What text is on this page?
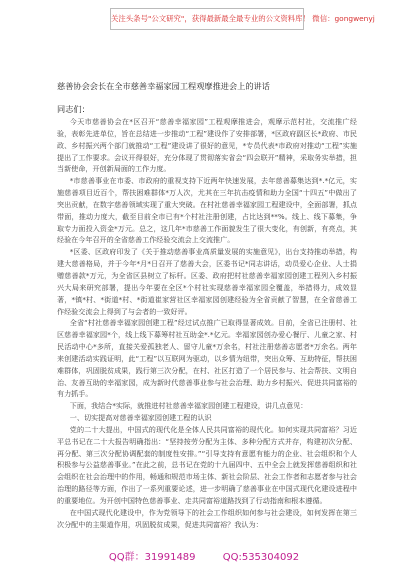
关注头条号"公文研究"，获得最新最全最专业的公文资料库！ 微信：gongwenyj
慈善协会会长在全市慈善幸福家园工程观摩推进会上的讲话
同志们：

今天市慈善协会在*区召开“慈善幸福家园”工程观摩推进会，观摩示范村社，交流推广经验，表彰先进单位，旨在总结进一步推动“工程”建设作了安排部署，*区政府副区长*政府、市民政、乡村振兴两个部门就推动“工程”建设讲了很好的意见，*专员代表*市政府对推动“工程”实施提出了工作要求。会议开得很好，充分体现了贯彻落实省会“四会联开”精神，采取务实举措，担当新使命，开创新局面的工作力度。

*市慈善事业在市委、市政府的重视支持下近两年快速发展，去年慈善募集达到*.*亿元，实施慈善项目近百个，帮扶困难群体*万人次，尤其在三年抗击疫情和助力全国“十四五”中做出了突出贡献，在数字慈善领域实现了重大突破。在村社慈善幸福家园工程建设中，全面部署，抓点带面，推动力度大，截至目前全市已有*个村社注册创建，占比达到**%。线上、线下募集，争取专力面投入资金*万元。总之，这几年*市慈善工作面貌发生了很大变化，有创新，有亮点，其经验在今年召开的全省慈善工作经验交流会上交流推广。

*区委、区政府印发了《关于推动慈善事业高质量发展的实施意见》，出台支持推动举措，构建大慈善格局，并于今年*月*日召开了慈善大会，区委书记*同志讲话，动员爱心企业、人士捐赠慈善款*万元，为全省区县树立了标杆。区委、政府把村社慈善幸福家园创建工程列入乡村振兴大局来研究部署，提出今年要在全区*个村社实现慈善幸福家园全覆盖，举措得力，成效显著，*镇*村、*街道*村、*街道崔家营社区幸福家园创建经验为全省贡献了智慧，在全省慈善工作经验交流会上得到了与会者的一致好评。

全省“村社慈善幸福家园创建工程”经过试点推广已取得显著成效。目前，全省已注册村、社区慈善幸福家园*个，线上线下募筹村社互助金*.*亿元。幸福家园创办爱心餐厅、儿童之家、村民活动中心*多所，直接关爱孤独老人、留守儿童*万余名，村社注册慈善志愿者*万余名。两年来创建活动实践证明，此“工程”以互联网为驱动，以乡情为纽带，突出众筹、互助特征，帮扶困难群体，巩固脱贫成果，践行第三次分配，在村、社区打造了一个居民参与、社会帮扶、文明自治、友善互助的幸福家园，成为新时代慈善事业参与社会治理、助力乡村振兴、促进共同富裕的有力抓手。

下面，我结合*实际，就推进村社慈善幸福家园创建工程建设，讲几点意见：

一、切实提高对慈善幸福家园创建工程的认识

党的二十大提出，中国式的现代化是全体人民共同富裕的现代化。如何实现共同富裕？习近平总书记在二十大报告明确指出：“坚持按劳分配为主体、多种分配方式并存，构建初次分配、再分配、第三次分配协调配套的制度性安排。”“引导支持有意愿有能力的企业、社会组织和个人积极参与公益慈善事业。”在此之前，总书记在党的十九届四中、五中全会上就发挥慈善组织和社会组织在社会治理中的作用，畅通和规范市场主体、新社会阶层、社会工作者和志愿者参与社会治理的路径等方面，作出了一系列重要论述，进一步明确了慈善事业在中国式现代化建设进程中的重要地位。为开创中国特色慈善事业、走共同富裕道路找到了行动指南和根本遵循。

在中国式现代化建设中，作为党领导下的社会工作组织如何参与社会建设，如何发挥在第三次分配中的主渠道作用，巩固脱贫成果，促进共同富裕？我认为：

QQ群：31991489	QQ:535304092
